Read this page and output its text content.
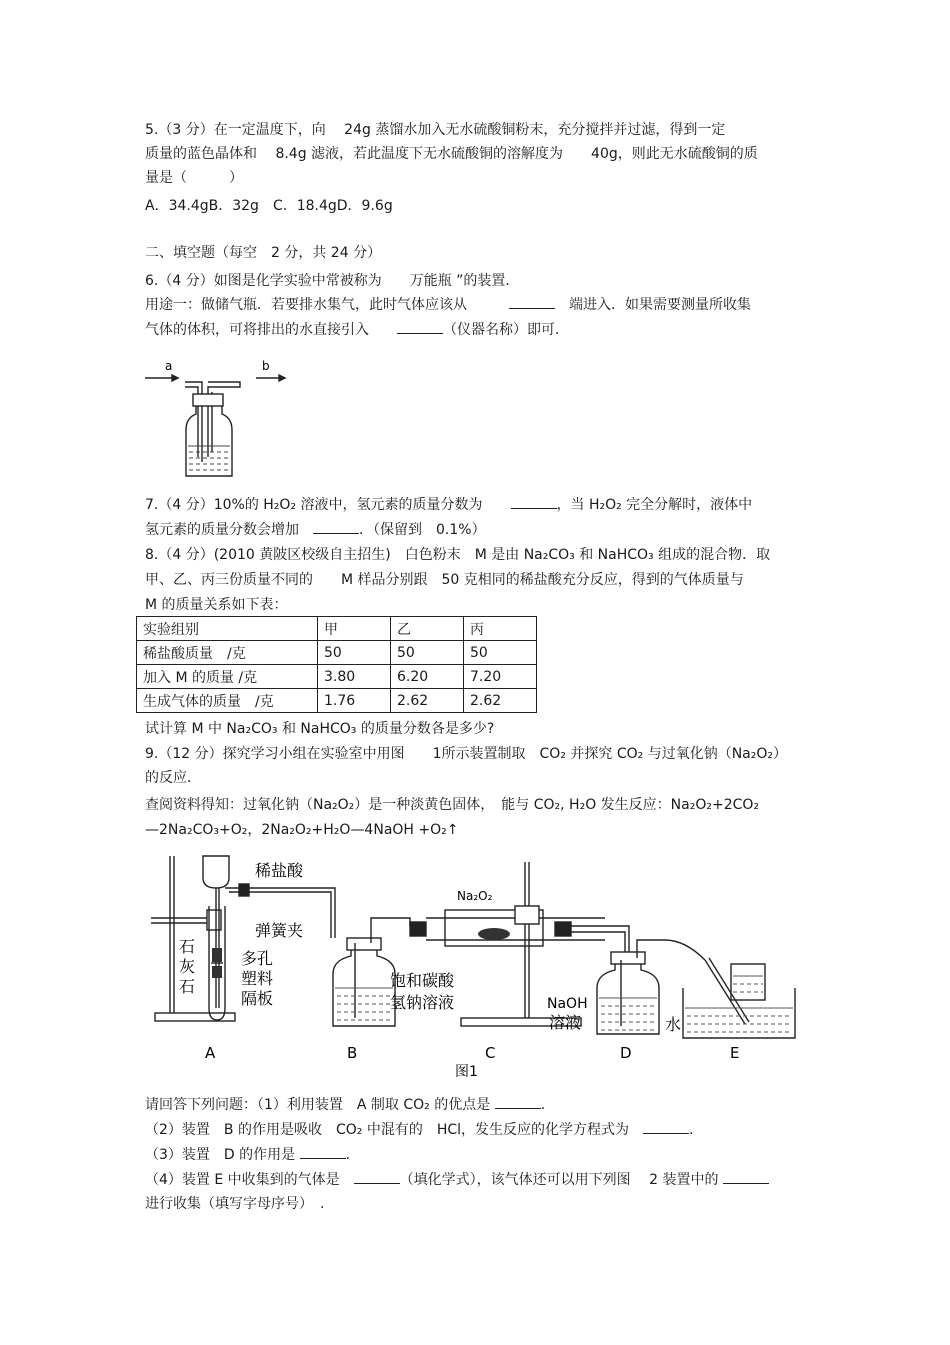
5.（3 分）在一定温度下，向　 24g 蒸馏水加入无水硫酸铜粉末，充分搅拌并过滤，得到一定
质量的蓝色晶体和　 8.4g 滤液，若此温度下无水硫酸铜的溶解度为　　40g，则此无水硫酸铜的质
量是（　　　）
A．34.4gB．32g　C．18.4gD．9.6g
二、填空题（每空　2 分，共 24 分）
6.（4 分）如图是化学实验中常被称为　　万能瓶 ”的装置．
用途一：做储气瓶．若要排水集气，此时气体应该从　　　	　端进入．如果需要测量所收集
气体的体积，可将排出的水直接引入　　	（仪器名称）即可．
a	b
7.（4 分）10%的 H₂O₂ 溶液中，氢元素的质量分数为　　	，当 H₂O₂ 完全分解时，液体中
氢元素的质量分数会增加　	．（保留到　0.1%）
8.（4 分）(2010 黄陂区校级自主招生)　白色粉末　M 是由 Na₂CO₃ 和 NaHCO₃ 组成的混合物．取
甲、乙、丙三份质量不同的　　M 样品分别跟　50 克相同的稀盐酸充分反应，得到的气体质量与
M 的质量关系如下表：
实验组别	甲	乙	丙
稀盐酸质量　/克	50	50	50
加入 M 的质量 /克	3.80	6.20	7.20
生成气体的质量　/克	1.76	2.62	2.62
试计算 M 中 Na₂CO₃ 和 NaHCO₃ 的质量分数各是多少?
9.（12 分）探究学习小组在实验室中用图　　1所示装置制取　CO₂ 并探究 CO₂ 与过氧化钠（Na₂O₂）
的反应．
查阅资料得知：过氧化钠（Na₂O₂）是一种淡黄色固体，　能与 CO₂, H₂O 发生反应：Na₂O₂+2CO₂
—2Na₂CO₃+O₂，2Na₂O₂+H₂O—4NaOH +O₂↑
稀盐酸
弹簧夹
石
灰
石
多孔
塑料
隔板
饱和碳酸
氢钠溶液
Na₂O₂
NaOH
溶液	水
A	B	C	D	E
图1
请回答下列问题：（1）利用装置　A 制取 CO₂ 的优点是	.
（2）装置　B 的作用是吸收　CO₂ 中混有的　HCl，发生反应的化学方程式为　	.
（3）装置　D 的作用是	.
（4）装置 E 中收集到的气体是　	（填化学式），该气体还可以用下列图　 2 装置中的
进行收集（填写字母序号）　.
